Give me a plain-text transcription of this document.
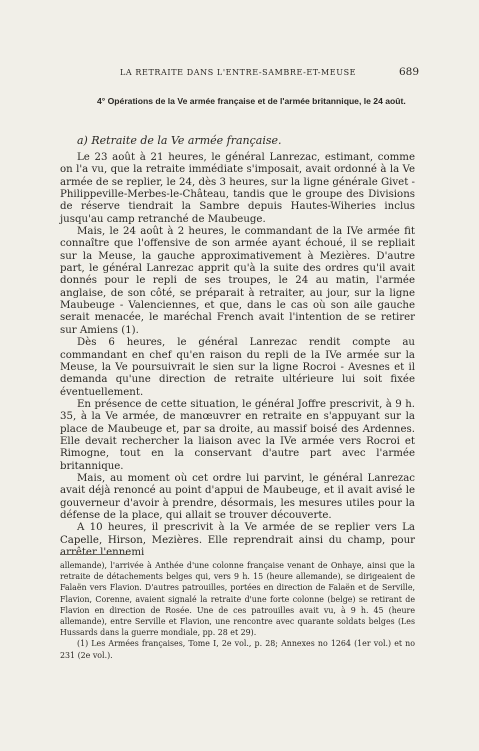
LA RETRAITE DANS L'ENTRE-SAMBRE-ET-MEUSE	689
4° Opérations de la Ve armée française et de l'armée britannique, le 24 août.
a) Retraite de la Ve armée française.

Le 23 août à 21 heures, le général Lanrezac, estimant, comme on l'a vu, que la retraite immédiate s'imposait, avait ordonné à la Ve armée de se replier, le 24, dès 3 heures, sur la ligne générale Givet - Philippeville-Merbes-le-Château, tandis que le groupe des Divisions de réserve tiendrait la Sambre depuis Hautes-Wiheries inclus jusqu'au camp retranché de Maubeuge.

Mais, le 24 août à 2 heures, le commandant de la IVe armée fit connaître que l'offensive de son armée ayant échoué, il se repliait sur la Meuse, la gauche approximativement à Mezières. D'autre part, le général Lanrezac apprit qu'à la suite des ordres qu'il avait donnés pour le repli de ses troupes, le 24 au matin, l'armée anglaise, de son côté, se préparait à retraiter, au jour, sur la ligne Maubeuge - Valenciennes, et que, dans le cas où son aile gauche serait menacée, le maréchal French avait l'intention de se retirer sur Amiens (1).

Dès 6 heures, le général Lanrezac rendit compte au commandant en chef qu'en raison du repli de la IVe armée sur la Meuse, la Ve poursuivrait le sien sur la ligne Rocroi - Avesnes et il demanda qu'une direction de retraite ultérieure lui soit fixée éventuellement.

En présence de cette situation, le général Joffre prescrivit, à 9 h. 35, à la Ve armée, de manœuvrer en retraite en s'appuyant sur la place de Maubeuge et, par sa droite, au massif boisé des Ardennes. Elle devait rechercher la liaison avec la IVe armée vers Rocroi et Rimogne, tout en la conservant d'autre part avec l'armée britannique.

Mais, au moment où cet ordre lui parvint, le général Lanrezac avait déjà renoncé au point d'appui de Maubeuge, et il avait avisé le gouverneur d'avoir à prendre, désormais, les mesures utiles pour la défense de la place, qui allait se trouver découverte.

A 10 heures, il prescrivit à la Ve armée de se replier vers La Capelle, Hirson, Mezières. Elle reprendrait ainsi du champ, pour arrêter l'ennemi

allemande), l'arrivée à Anthée d'une colonne française venant de Onhaye, ainsi que la retraite de détachements belges qui, vers 9 h. 15 (heure allemande), se dirigeaient de Falaën vers Flavion. D'autres patrouilles, portées en direction de Falaën et de Serville, Flavion, Corenne, avaient signalé la retraite d'une forte colonne (belge) se retirant de Flavion en direction de Rosée. Une de ces patrouilles avait vu, à 9 h. 45 (heure allemande), entre Serville et Flavion, une rencontre avec quarante soldats belges (Les Hussards dans la guerre mondiale, pp. 28 et 29).

(1) Les Armées françaises, Tome I, 2e vol., p. 28; Annexes no 1264 (1er vol.) et no 231 (2e vol.).
